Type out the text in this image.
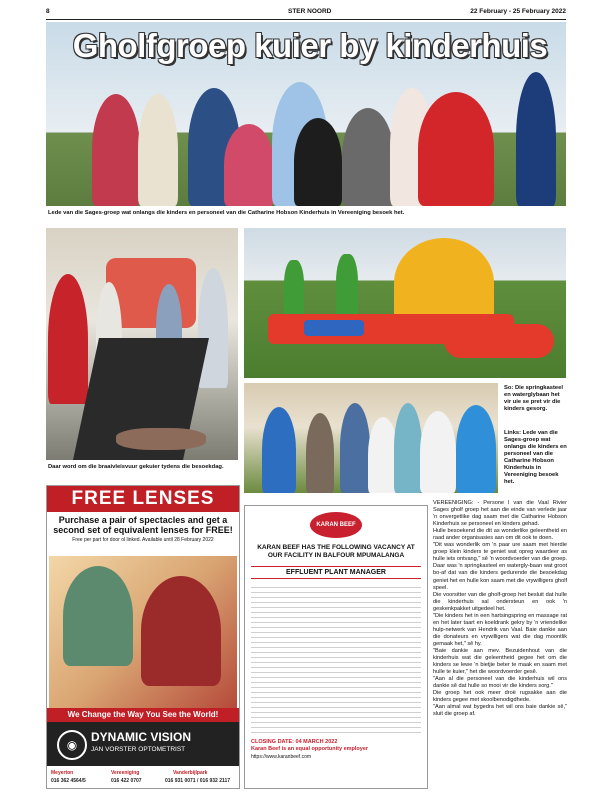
8	STER NOORD	22 February - 25 February 2022
Gholfgroep kuier by kinderhuis
Lede van die Sages-groep wat onlangs die kinders en personeel van die Catharine Hobson Kinderhuis in Vereeniging besoek het.
Daar word om die braaivleisvuur gekuier tydens die besoekdag.
So: Die springkasteel en waterglybaan het vir uie se pret vir die kinders gesorg.
Links: Lede van die Sages-groep wat onlangs die kinders en personeel van die Catharine Hobson Kinderhuis in Vereeniging besoek het.
FREE LENSES
Purchase a pair of spectacles and get a second set of equivalent lenses for FREE!
Free per part for door ol linked. Available until 28 February 2022
We Change the Way You See the World!
◉
DYNAMIC VISION
JAN VORSTER OPTOMETRIST
Meyerton	Vereeniging	Vanderbijlpark
016 362 4564/5	016 422 0707	016 931 0071 / 016 932 2117
KARAN BEEF
KARAN BEEF HAS THE FOLLOWING VACANCY AT OUR FACILITY IN BALFOUR MPUMALANGA
EFFLUENT PLANT MANAGER
CLOSING DATE: 04 MARCH 2022
Karan Beef is an equal opportunity employer
https://www.karanbeef.com

VEREENIGING: - Persone l van die Vaal Rivier Sages gholf groep het aan die einde van verlede jaar 'n onvergetlike dag saam met die Catharine Hobson Kinderhuis se personeel en kinders gehad.

Hulle besoekend die dit as wonderlike geleentheid en raad ander organisasies aan om dit ook te doen.

"Dit was wonderlik om 'n paar ure saam met hierdie groep klein kinders te geniet wat opreg waardeer as hulle iets ontvang," sê 'n woordvoerder van die groep. Daar was 'n springkasteel en watergly-baan wat groot bo-af dat van die kinders gedurende die besoekdag geniet het en hulle kon saam met die vrywilligers gholf speel.

Die voorsitter van die gholf-groep het besluit dat hulle die kinderhuis sal ondersteun en ook 'n geskenkpakket uitgedeel het.

"Die kinders het in een hartsingspring en massage rat en het later taart en koeldrank gekry by 'n vriendelike hulp-netwerk van Hendrik van Vaal. Baie dankie aan die donateurs en vrywilligers wat die dag moontlik gemaak het," sê hy.

"Baie dankie aan mev. Bezuidenhout van die kinderhuis wat die geleentheid gegee het om die kinders se lewe 'n bietjie beter te maak en saam met hulle te kuier," het die woordvoerder gesê.

"Aan al die personeel van die kinderhuis wil ons dankie sê dat hulle so mooi vir die kinders sorg."

Die groep het ook meer droë rugsakke aan die kinders gegee met skoolbenodigdhede.

"Aan almal wat bygedra het wil ons baie dankie sê," sluit die groep af.
